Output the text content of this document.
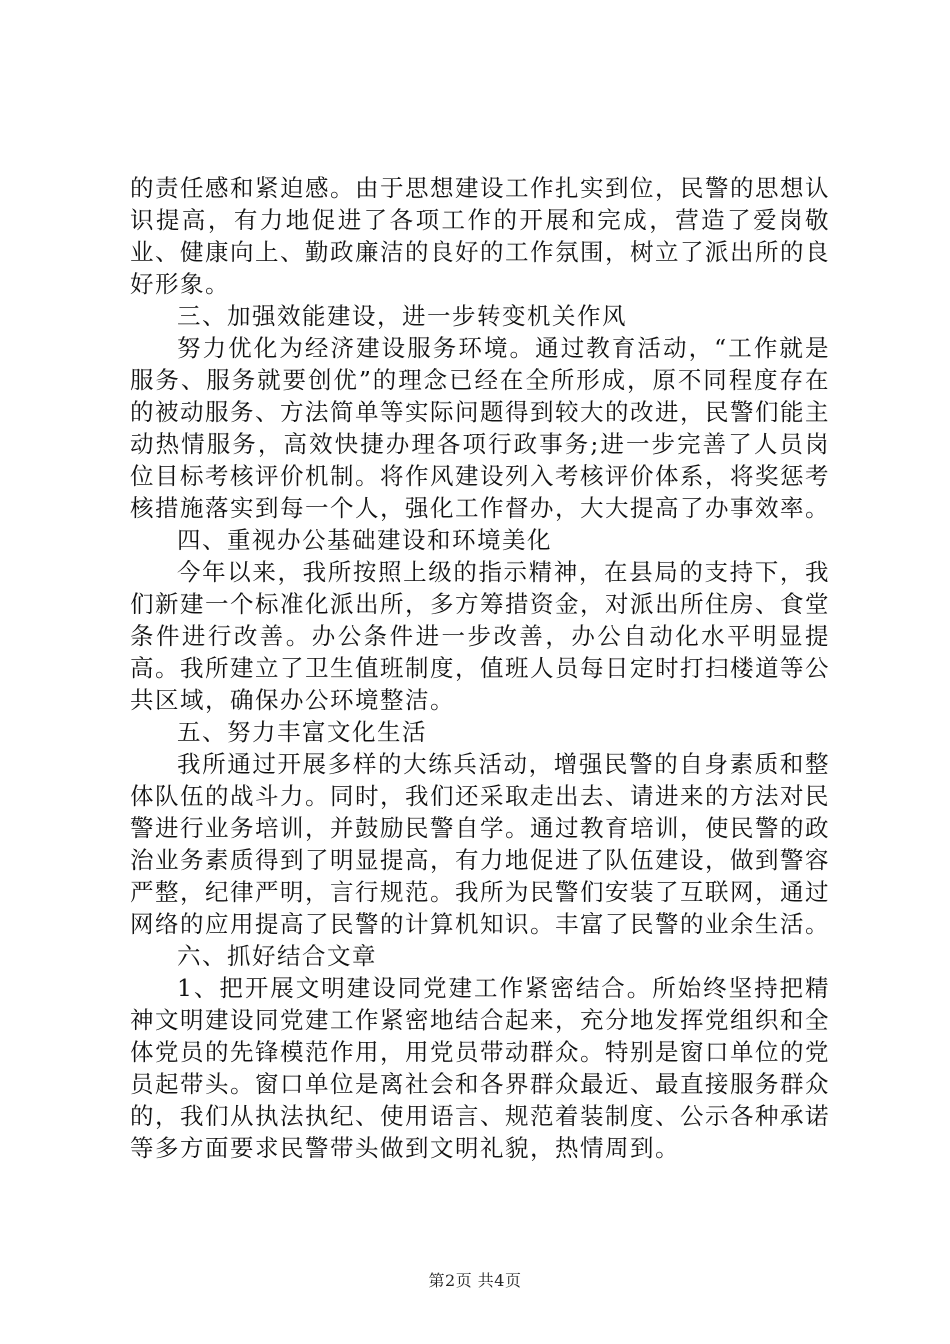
的责任感和紧迫感。由于思想建设工作扎实到位，民警的思想认识提高，有力地促进了各项工作的开展和完成，营造了爱岗敬业、健康向上、勤政廉洁的良好的工作氛围，树立了派出所的良好形象。

三、加强效能建设，进一步转变机关作风

努力优化为经济建设服务环境。通过教育活动，“工作就是服务、服务就要创优”的理念已经在全所形成，原不同程度存在的被动服务、方法简单等实际问题得到较大的改进，民警们能主动热情服务，高效快捷办理各项行政事务;进一步完善了人员岗位目标考核评价机制。将作风建设列入考核评价体系，将奖惩考核措施落实到每一个人，强化工作督办，大大提高了办事效率。

四、重视办公基础建设和环境美化

今年以来，我所按照上级的指示精神，在县局的支持下，我们新建一个标准化派出所，多方筹措资金，对派出所住房、食堂条件进行改善。办公条件进一步改善，办公自动化水平明显提高。我所建立了卫生值班制度，值班人员每日定时打扫楼道等公共区域，确保办公环境整洁。

五、努力丰富文化生活

我所通过开展多样的大练兵活动，增强民警的自身素质和整体队伍的战斗力。同时，我们还采取走出去、请进来的方法对民警进行业务培训，并鼓励民警自学。通过教育培训，使民警的政治业务素质得到了明显提高，有力地促进了队伍建设，做到警容严整，纪律严明，言行规范。我所为民警们安装了互联网，通过网络的应用提高了民警的计算机知识。丰富了民警的业余生活。

六、抓好结合文章

1、把开展文明建设同党建工作紧密结合。所始终坚持把精神文明建设同党建工作紧密地结合起来，充分地发挥党组织和全体党员的先锋模范作用，用党员带动群众。特别是窗口单位的党员起带头。窗口单位是离社会和各界群众最近、最直接服务群众的，我们从执法执纪、使用语言、规范着装制度、公示各种承诺等多方面要求民警带头做到文明礼貌，热情周到。

第2页 共4页
